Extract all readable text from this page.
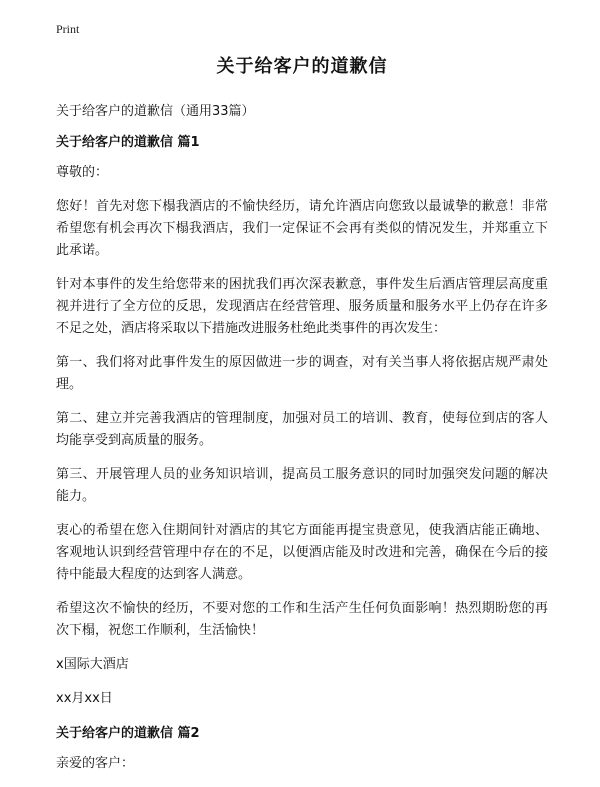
Print
关于给客户的道歉信
关于给客户的道歉信（通用33篇）
关于给客户的道歉信 篇1

尊敬的：

您好！首先对您下榻我酒店的不愉快经历，请允许酒店向您致以最诚挚的歉意！非常希望您有机会再次下榻我酒店，我们一定保证不会再有类似的情况发生，并郑重立下此承诺。

针对本事件的发生给您带来的困扰我们再次深表歉意，事件发生后酒店管理层高度重视并进行了全方位的反思，发现酒店在经营管理、服务质量和服务水平上仍存在许多不足之处，酒店将采取以下措施改进服务杜绝此类事件的再次发生：

第一、我们将对此事件发生的原因做进一步的调查，对有关当事人将依据店规严肃处理。

第二、建立并完善我酒店的管理制度，加强对员工的培训、教育，使每位到店的客人均能享受到高质量的服务。

第三、开展管理人员的业务知识培训，提高员工服务意识的同时加强突发问题的解决能力。

衷心的希望在您入住期间针对酒店的其它方面能再提宝贵意见，使我酒店能正确地、客观地认识到经营管理中存在的不足，以便酒店能及时改进和完善，确保在今后的接待中能最大程度的达到客人满意。

希望这次不愉快的经历，不要对您的工作和生活产生任何负面影响！热烈期盼您的再次下榻，祝您工作顺利，生活愉快！

x国际大酒店

xx月xx日

关于给客户的道歉信 篇2

亲爱的客户：
